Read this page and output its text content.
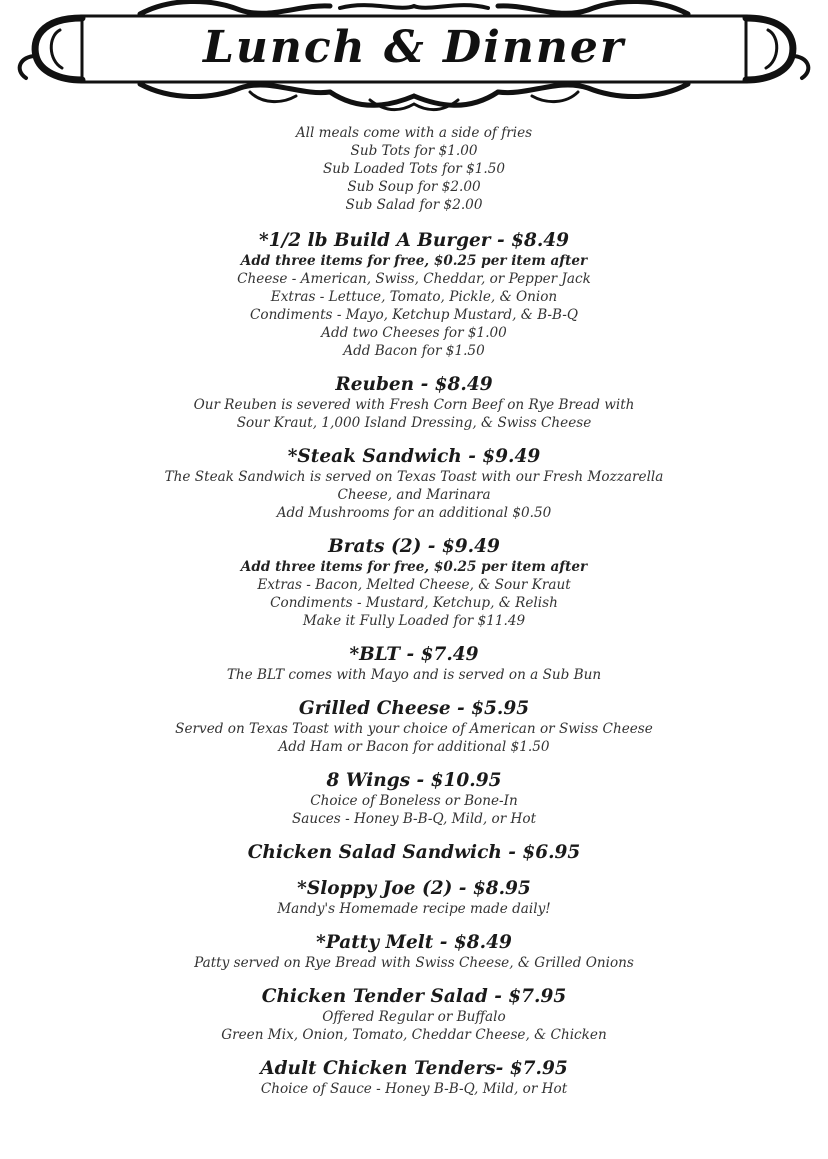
Lunch & Dinner
All meals come with a side of fries
Sub Tots for $1.00
Sub Loaded Tots for $1.50
Sub Soup for $2.00
Sub Salad for $2.00
*1/2 lb Build A Burger - $8.49
Add three items for free, $0.25 per item after
Cheese - American, Swiss, Cheddar, or Pepper Jack
Extras - Lettuce, Tomato, Pickle, & Onion
Condiments - Mayo, Ketchup Mustard, & B-B-Q
Add two Cheeses for $1.00
Add Bacon for $1.50
Reuben - $8.49
Our Reuben is severed with Fresh Corn Beef on Rye Bread with
Sour Kraut, 1,000 Island Dressing, & Swiss Cheese
*Steak Sandwich - $9.49
The Steak Sandwich is served on Texas Toast with our Fresh Mozzarella
Cheese, and Marinara
Add Mushrooms for an additional $0.50
Brats (2) - $9.49
Add three items for free, $0.25 per item after
Extras - Bacon, Melted Cheese, & Sour Kraut
Condiments - Mustard, Ketchup, & Relish
Make it Fully Loaded for $11.49
*BLT - $7.49
The BLT comes with Mayo and is served on a Sub Bun
Grilled Cheese - $5.95
Served on Texas Toast with your choice of American or Swiss Cheese
Add Ham or Bacon for additional $1.50
8 Wings - $10.95
Choice of Boneless or Bone-In
Sauces - Honey B-B-Q, Mild, or Hot
Chicken Salad Sandwich - $6.95
*Sloppy Joe (2) - $8.95
Mandy's Homemade recipe made daily!
*Patty Melt - $8.49
Patty served on Rye Bread with Swiss Cheese, & Grilled Onions
Chicken Tender Salad - $7.95
Offered Regular or Buffalo
Green Mix, Onion, Tomato, Cheddar Cheese, & Chicken
Adult Chicken Tenders- $7.95
Choice of Sauce - Honey B-B-Q, Mild, or Hot
